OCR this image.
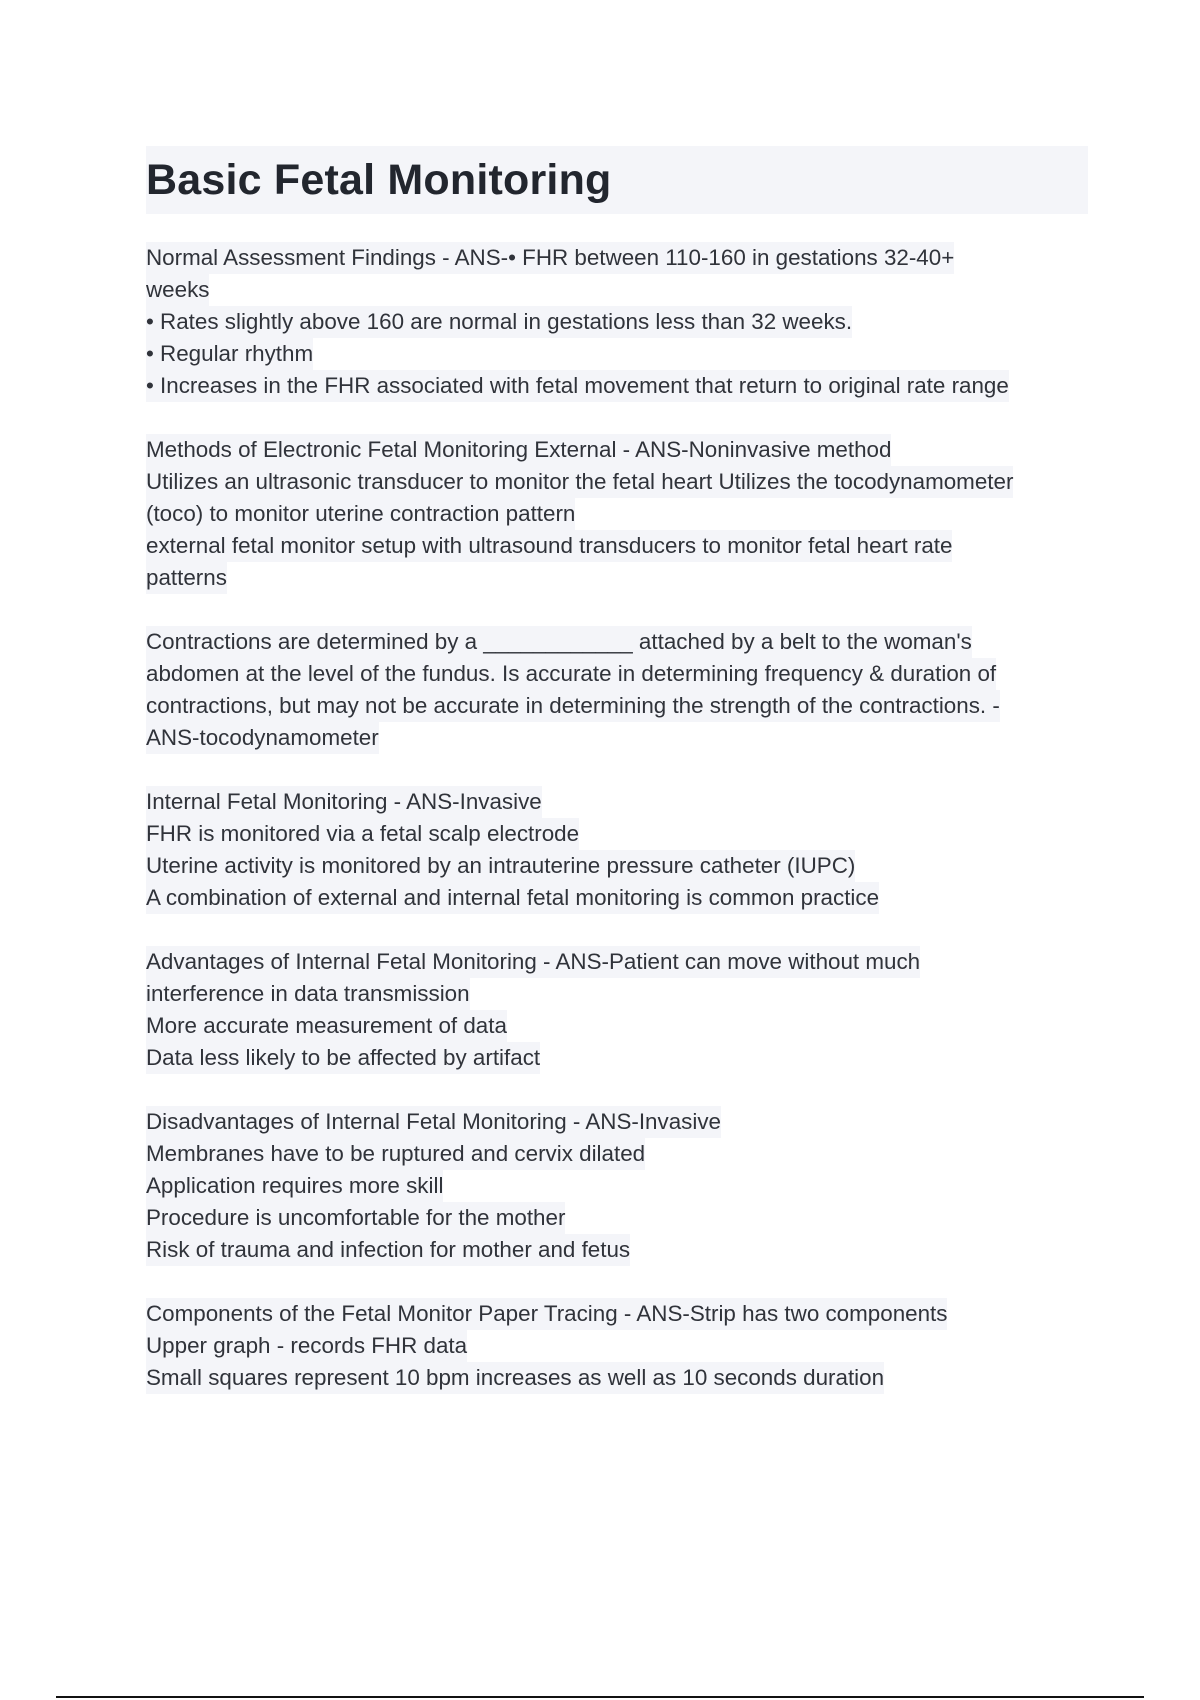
Basic Fetal Monitoring
Normal Assessment Findings - ANS-• FHR between 110-160 in gestations 32-40+
weeks
• Rates slightly above 160 are normal in gestations less than 32 weeks.
• Regular rhythm
• Increases in the FHR associated with fetal movement that return to original rate range
Methods of Electronic Fetal Monitoring External - ANS-Noninvasive method
Utilizes an ultrasonic transducer to monitor the fetal heart Utilizes the tocodynamometer
(toco) to monitor uterine contraction pattern
external fetal monitor setup with ultrasound transducers to monitor fetal heart rate
patterns
Contractions are determined by a ____________ attached by a belt to the woman's
abdomen at the level of the fundus. Is accurate in determining frequency & duration of
contractions, but may not be accurate in determining the strength of the contractions. -
ANS-tocodynamometer
Internal Fetal Monitoring - ANS-Invasive
FHR is monitored via a fetal scalp electrode
Uterine activity is monitored by an intrauterine pressure catheter (IUPC)
A combination of external and internal fetal monitoring is common practice
Advantages of Internal Fetal Monitoring - ANS-Patient can move without much
interference in data transmission
More accurate measurement of data
Data less likely to be affected by artifact
Disadvantages of Internal Fetal Monitoring - ANS-Invasive
Membranes have to be ruptured and cervix dilated
Application requires more skill
Procedure is uncomfortable for the mother
Risk of trauma and infection for mother and fetus
Components of the Fetal Monitor Paper Tracing - ANS-Strip has two components
Upper graph - records FHR data
Small squares represent 10 bpm increases as well as 10 seconds duration
